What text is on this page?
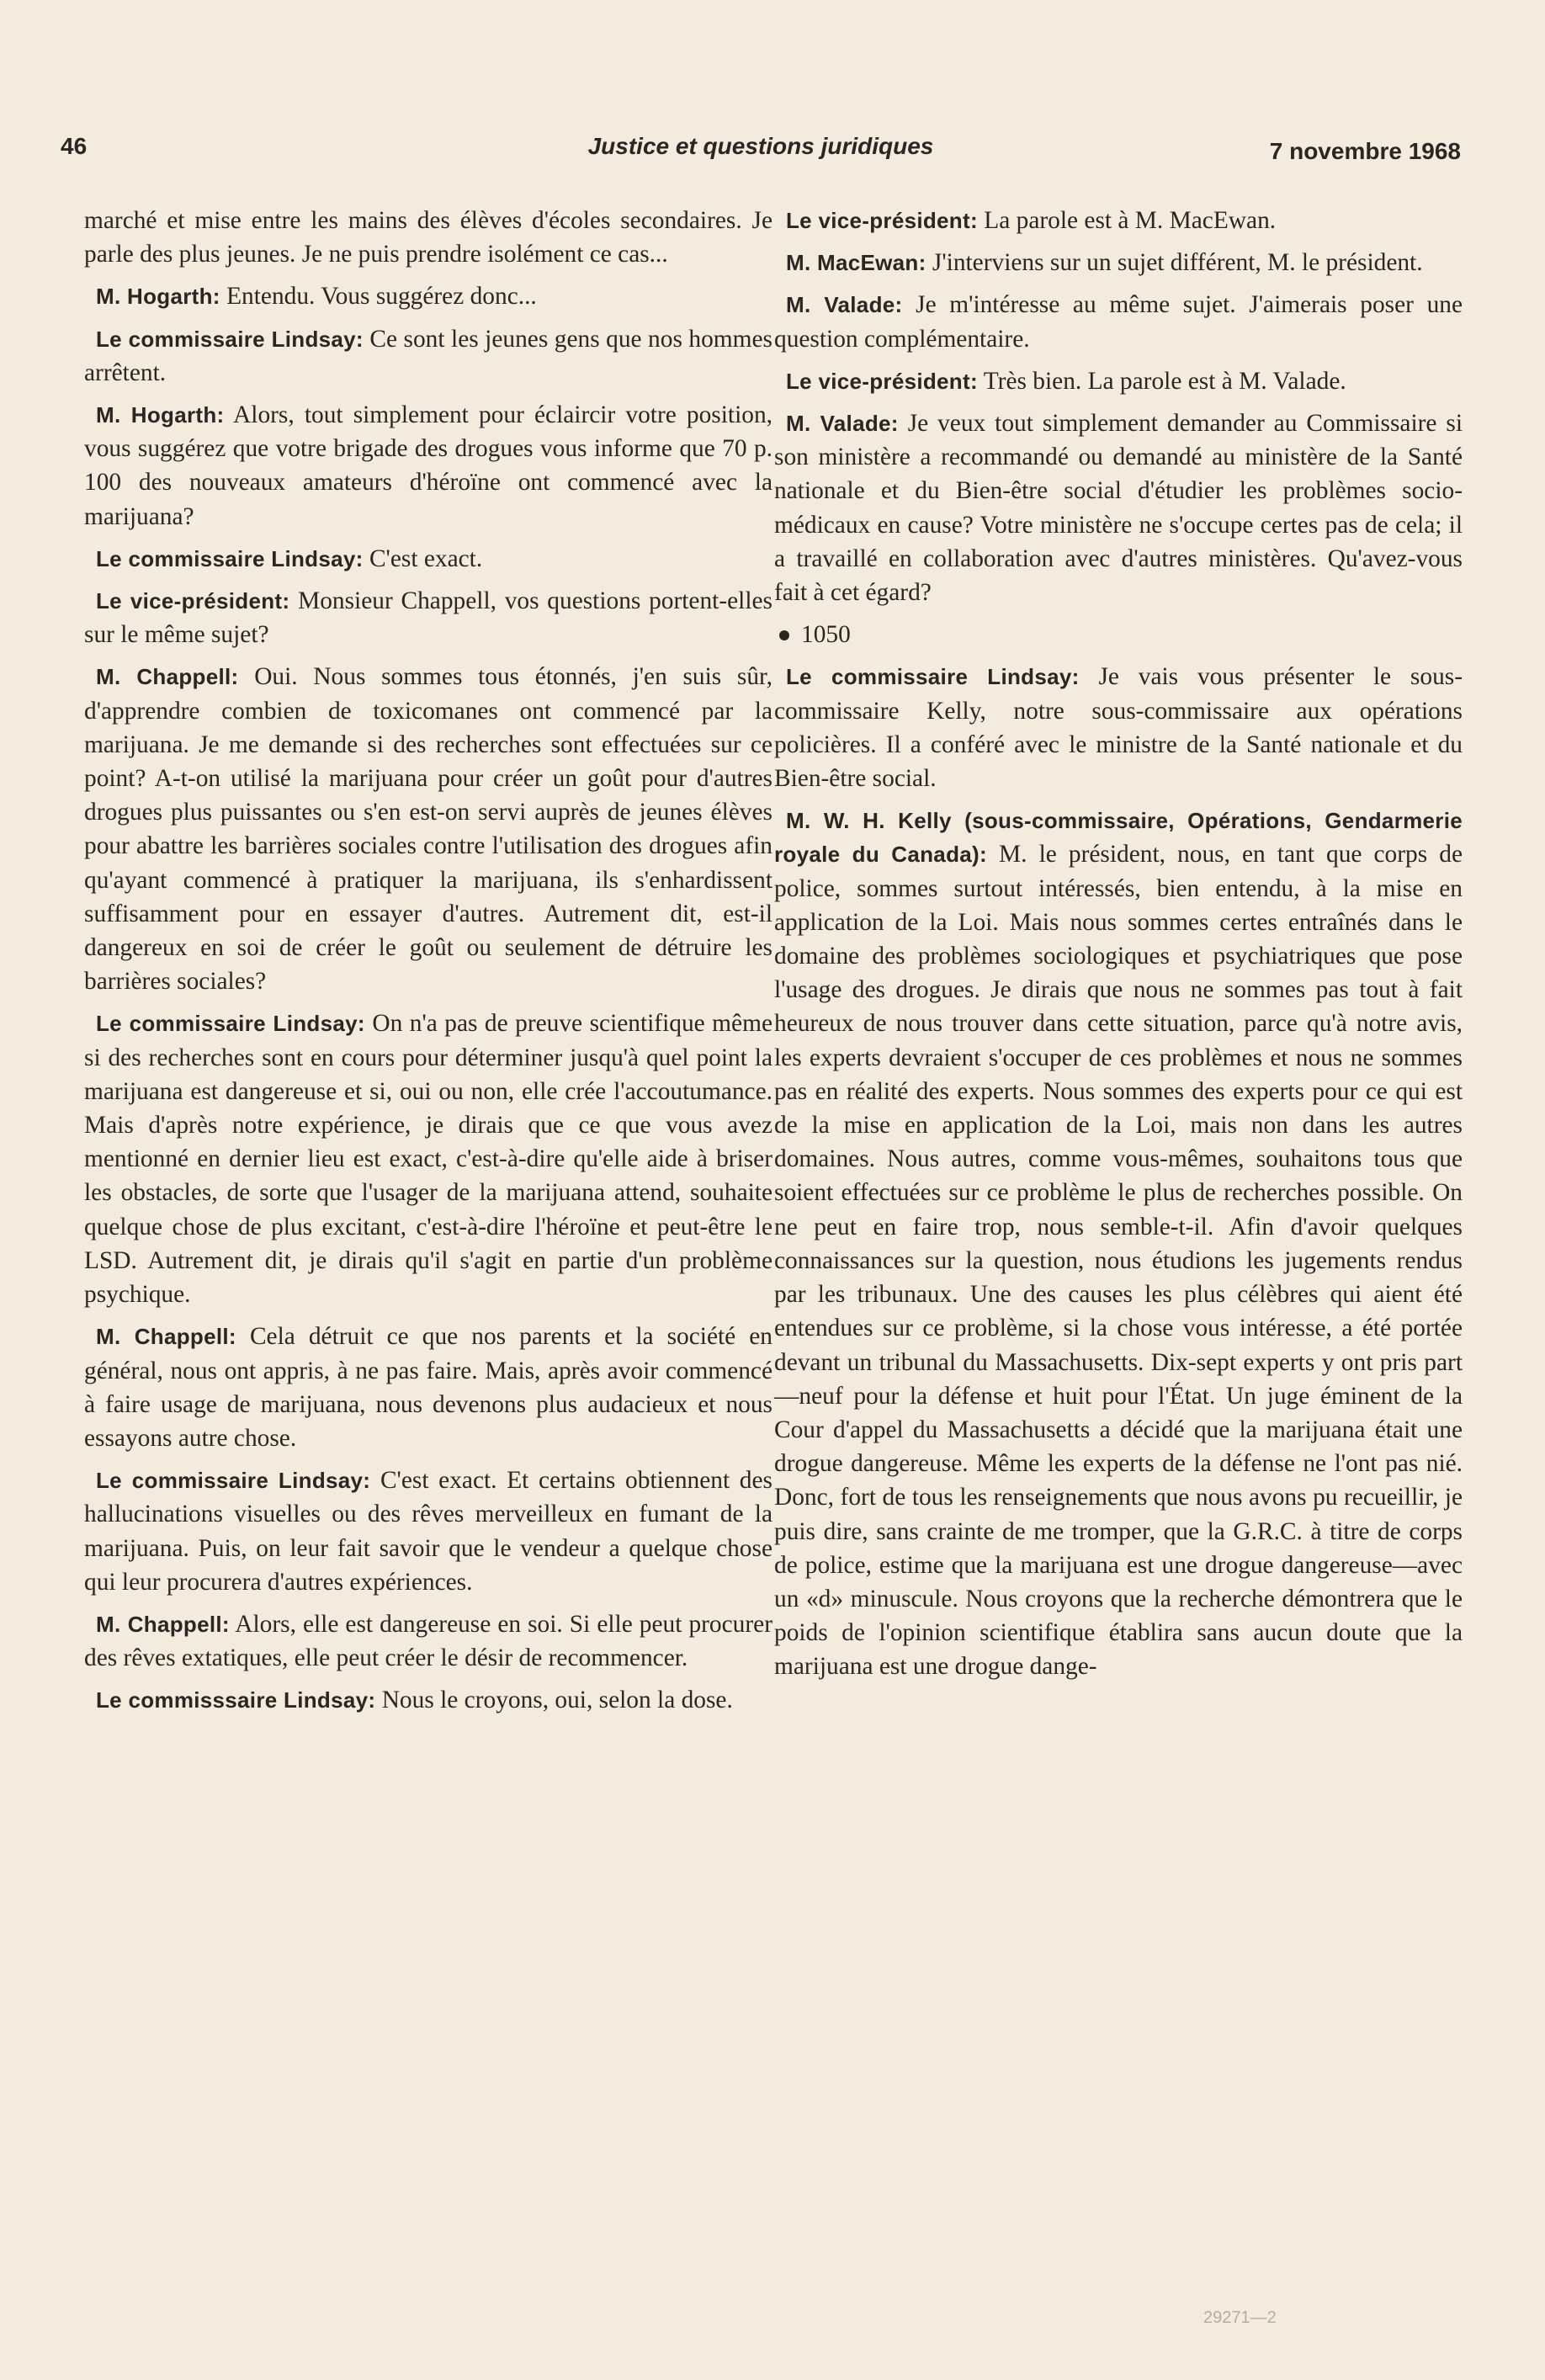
46	Justice et questions juridiques	7 novembre 1968

marché et mise entre les mains des élèves d'écoles secondaires. Je parle des plus jeunes. Je ne puis prendre isolément ce cas...

M. Hogarth: Entendu. Vous suggérez donc...

Le commissaire Lindsay: Ce sont les jeunes gens que nos hommes arrêtent.

M. Hogarth: Alors, tout simplement pour éclaircir votre position, vous suggérez que votre brigade des drogues vous informe que 70 p. 100 des nouveaux amateurs d'héroïne ont commencé avec la marijuana?

Le commissaire Lindsay: C'est exact.

Le vice-président: Monsieur Chappell, vos questions portent-elles sur le même sujet?

M. Chappell: Oui. Nous sommes tous étonnés, j'en suis sûr, d'apprendre combien de toxicomanes ont commencé par la marijuana. Je me demande si des recherches sont effectuées sur ce point? A-t-on utilisé la marijuana pour créer un goût pour d'autres drogues plus puissantes ou s'en est-on servi auprès de jeunes élèves pour abattre les barrières sociales contre l'utilisation des drogues afin qu'ayant commencé à pratiquer la marijuana, ils s'enhardissent suffisamment pour en essayer d'autres. Autrement dit, est-il dangereux en soi de créer le goût ou seulement de détruire les barrières sociales?

Le commissaire Lindsay: On n'a pas de preuve scientifique même si des recherches sont en cours pour déterminer jusqu'à quel point la marijuana est dangereuse et si, oui ou non, elle crée l'accoutumance. Mais d'après notre expérience, je dirais que ce que vous avez mentionné en dernier lieu est exact, c'est-à-dire qu'elle aide à briser les obstacles, de sorte que l'usager de la marijuana attend, souhaite quelque chose de plus excitant, c'est-à-dire l'héroïne et peut-être le LSD. Autrement dit, je dirais qu'il s'agit en partie d'un problème psychique.

M. Chappell: Cela détruit ce que nos parents et la société en général, nous ont appris, à ne pas faire. Mais, après avoir commencé à faire usage de marijuana, nous devenons plus audacieux et nous essayons autre chose.

Le commissaire Lindsay: C'est exact. Et certains obtiennent des hallucinations visuelles ou des rêves merveilleux en fumant de la marijuana. Puis, on leur fait savoir que le vendeur a quelque chose qui leur procurera d'autres expériences.

M. Chappell: Alors, elle est dangereuse en soi. Si elle peut procurer des rêves extatiques, elle peut créer le désir de recommencer.

Le commisssaire Lindsay: Nous le croyons, oui, selon la dose.

Le vice-président: La parole est à M. MacEwan.

M. MacEwan: J'interviens sur un sujet différent, M. le président.

M. Valade: Je m'intéresse au même sujet. J'aimerais poser une question complémentaire.

Le vice-président: Très bien. La parole est à M. Valade.

M. Valade: Je veux tout simplement demander au Commissaire si son ministère a recommandé ou demandé au ministère de la Santé nationale et du Bien-être social d'étudier les problèmes socio-médicaux en cause? Votre ministère ne s'occupe certes pas de cela; il a travaillé en collaboration avec d'autres ministères. Qu'avez-vous fait à cet égard?

1050

Le commissaire Lindsay: Je vais vous présenter le sous-commissaire Kelly, notre sous-commissaire aux opérations policières. Il a conféré avec le ministre de la Santé nationale et du Bien-être social.

M. W. H. Kelly (sous-commissaire, Opérations, Gendarmerie royale du Canada): M. le président, nous, en tant que corps de police, sommes surtout intéressés, bien entendu, à la mise en application de la Loi. Mais nous sommes certes entraînés dans le domaine des problèmes sociologiques et psychiatriques que pose l'usage des drogues. Je dirais que nous ne sommes pas tout à fait heureux de nous trouver dans cette situation, parce qu'à notre avis, les experts devraient s'occuper de ces problèmes et nous ne sommes pas en réalité des experts. Nous sommes des experts pour ce qui est de la mise en application de la Loi, mais non dans les autres domaines. Nous autres, comme vous-mêmes, souhaitons tous que soient effectuées sur ce problème le plus de recherches possible. On ne peut en faire trop, nous semble-t-il. Afin d'avoir quelques connaissances sur la question, nous étudions les jugements rendus par les tribunaux. Une des causes les plus célèbres qui aient été entendues sur ce problème, si la chose vous intéresse, a été portée devant un tribunal du Massachusetts. Dix-sept experts y ont pris part—neuf pour la défense et huit pour l'État. Un juge éminent de la Cour d'appel du Massachusetts a décidé que la marijuana était une drogue dangereuse. Même les experts de la défense ne l'ont pas nié. Donc, fort de tous les renseignements que nous avons pu recueillir, je puis dire, sans crainte de me tromper, que la G.R.C. à titre de corps de police, estime que la marijuana est une drogue dangereuse—avec un «d» minuscule. Nous croyons que la recherche démontrera que le poids de l'opinion scientifique établira sans aucun doute que la marijuana est une drogue dange-

29271—2
